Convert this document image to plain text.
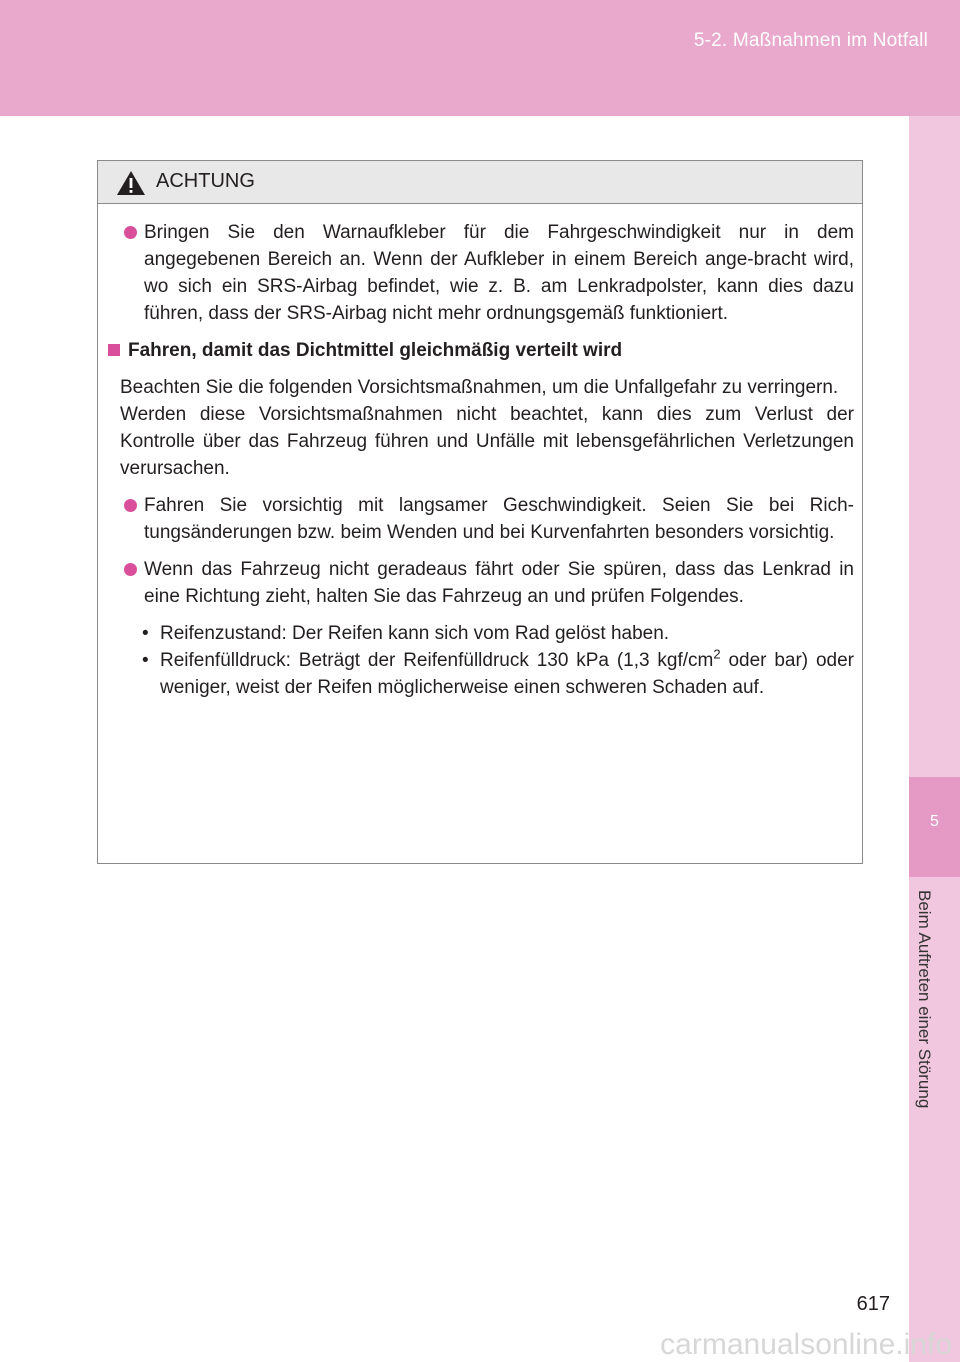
5-2. Maßnahmen im Notfall
5
Beim Auftreten einer Störung
ACHTUNG

Bringen Sie den Warnaufkleber für die Fahrgeschwindigkeit nur in dem angegebenen Bereich an. Wenn der Aufkleber in einem Bereich ange-bracht wird, wo sich ein SRS-Airbag befindet, wie z. B. am Lenkradpolster, kann dies dazu führen, dass der SRS-Airbag nicht mehr ordnungsgemäß funktioniert.

Fahren, damit das Dichtmittel gleichmäßig verteilt wird

Beachten Sie die folgenden Vorsichtsmaßnahmen, um die Unfallgefahr zu verringern.

Werden diese Vorsichtsmaßnahmen nicht beachtet, kann dies zum Verlust der Kontrolle über das Fahrzeug führen und Unfälle mit lebensgefährlichen Verletzungen verursachen.

Fahren Sie vorsichtig mit langsamer Geschwindigkeit. Seien Sie bei Rich-tungsänderungen bzw. beim Wenden und bei Kurvenfahrten besonders vorsichtig.

Wenn das Fahrzeug nicht geradeaus fährt oder Sie spüren, dass das Lenkrad in eine Richtung zieht, halten Sie das Fahrzeug an und prüfen Folgendes.

• Reifenzustand: Der Reifen kann sich vom Rad gelöst haben.

• Reifenfülldruck: Beträgt der Reifenfülldruck 130 kPa (1,3 kgf/$cm^2$ oder bar) oder weniger, weist der Reifen möglicherweise einen schweren Schaden auf.

617
carmanualsonline.info
